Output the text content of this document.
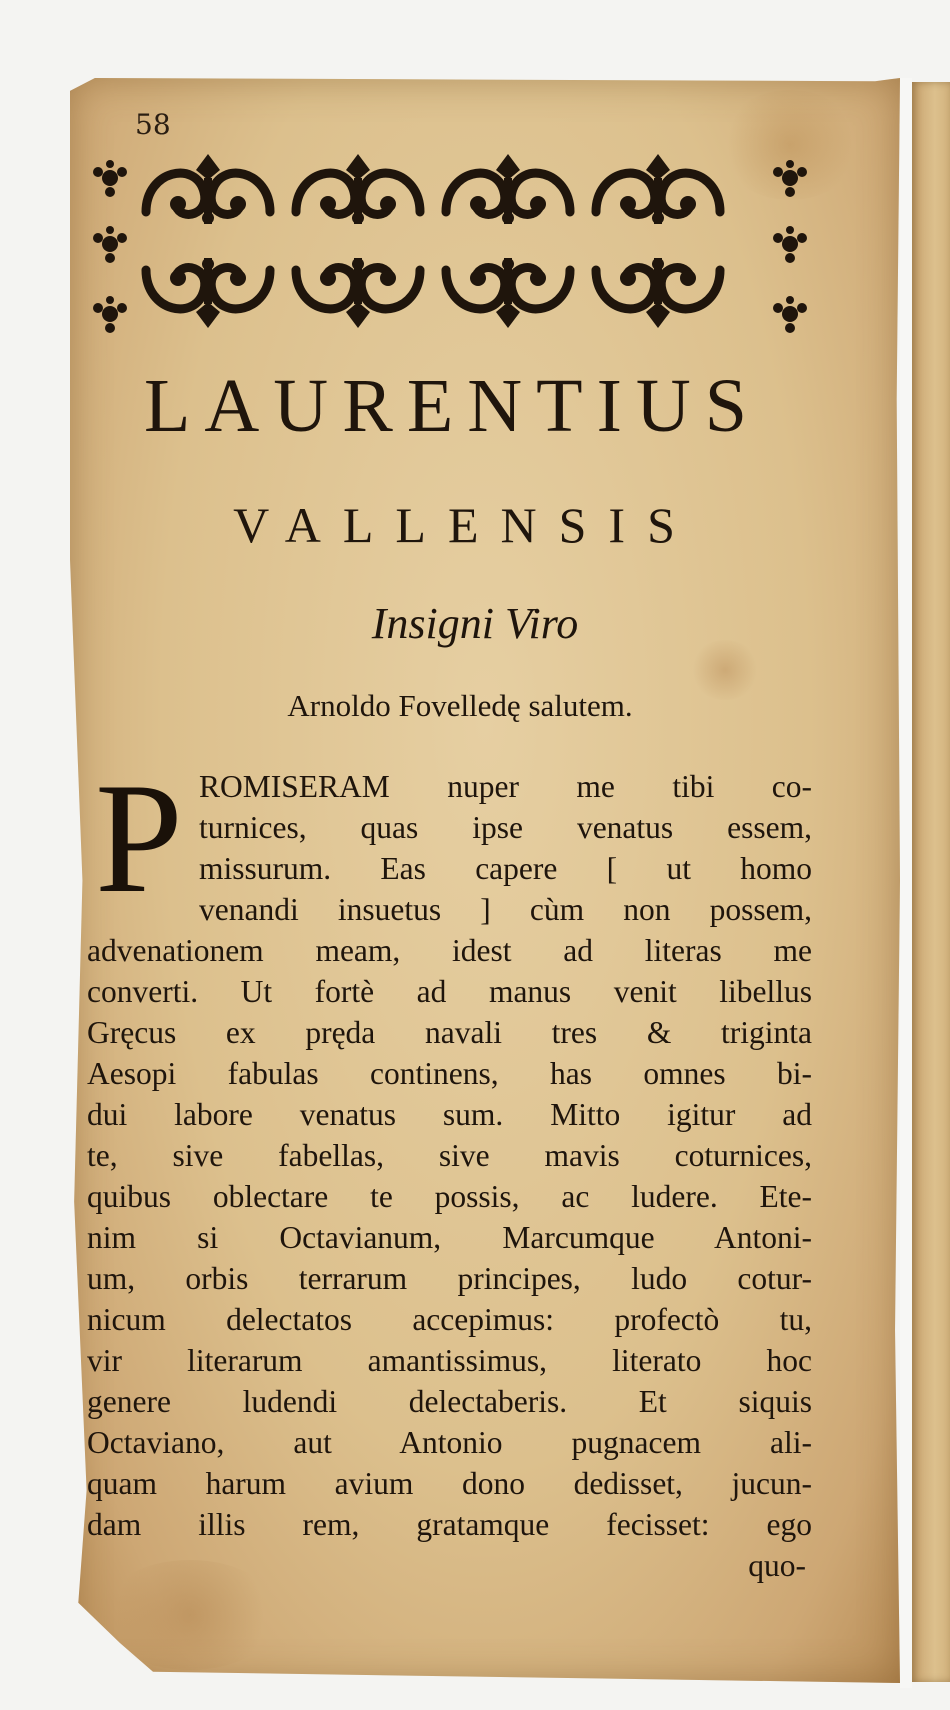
58

LAURENTIUS
VALLENSIS

Insigni Viro

Arnoldo Fovelledę salutem.

P ROMISERAM nuper me tibi co-
turnices, quas ipse venatus essem,
missurum. Eas capere [ ut homo
venandi insuetus ] cùm non possem,
advenationem meam, idest ad literas me
converti. Ut fortè ad manus venit libellus
Gręcus ex pręda navali tres & triginta
Aesopi fabulas continens, has omnes bi-
dui labore venatus sum. Mitto igitur ad
te, sive fabellas, sive mavis coturnices,
quibus oblectare te possis, ac ludere. Ete-
nim si Octavianum, Marcumque Antoni-
um, orbis terrarum principes, ludo cotur-
nicum delectatos accepimus: profectò tu,
vir literarum amantissimus, literato hoc
genere ludendi delectaberis. Et siquis
Octaviano, aut Antonio pugnacem ali-
quam harum avium dono dedisset, jucun-
dam illis rem, gratamque fecisset: ego
quo-
